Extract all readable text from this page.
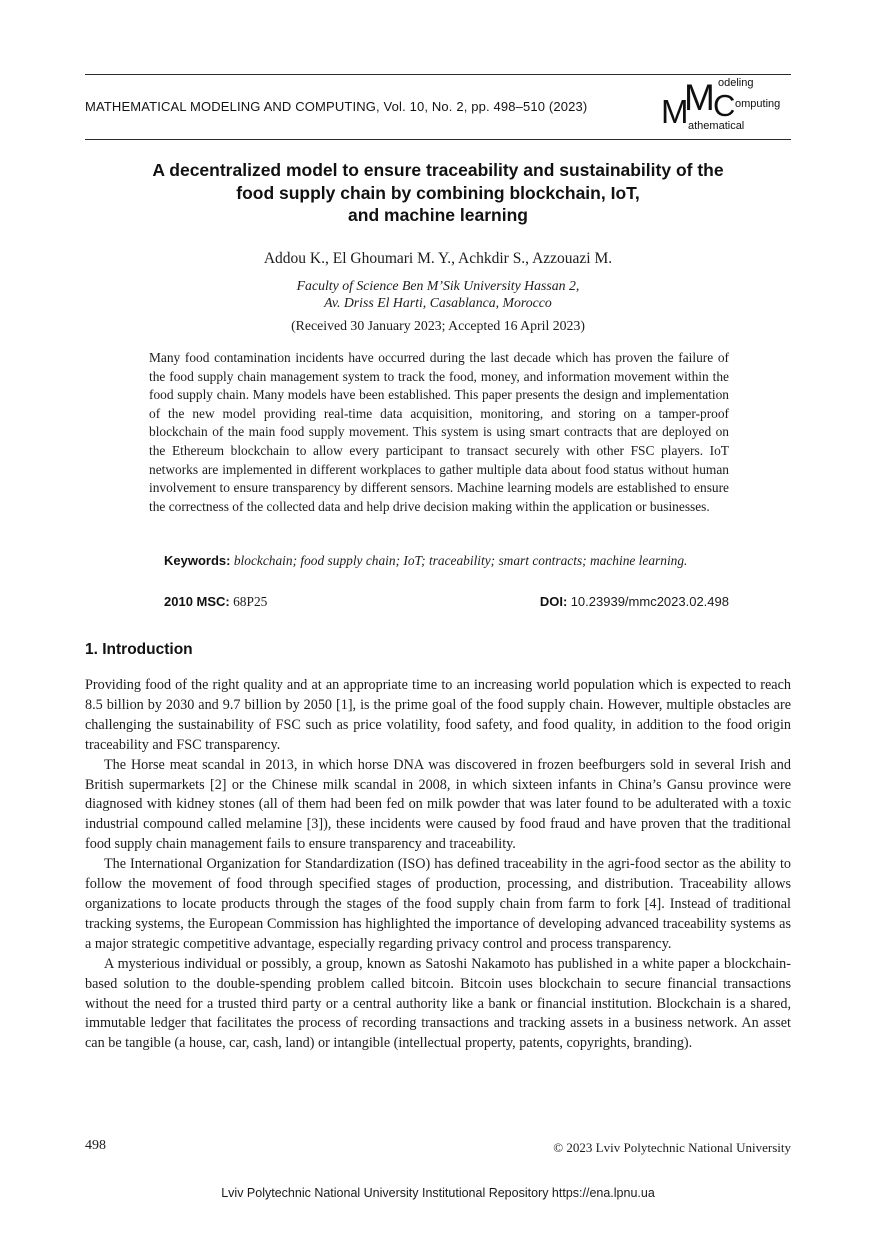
MATHEMATICAL MODELING AND COMPUTING, Vol. 10, No. 2, pp. 498–510 (2023) M
M
C
odeling
omputing
athematical
A decentralized model to ensure traceability and sustainability of the
food supply chain by combining blockchain, IoT,
and machine learning
Addou K., El Ghoumari M. Y., Achkdir S., Azzouazi M.
Faculty of Science Ben M’Sik University Hassan 2,
Av. Driss El Harti, Casablanca, Morocco
(Received 30 January 2023; Accepted 16 April 2023)
Many food contamination incidents have occurred during the last decade which has proven the failure of the food supply chain management system to track the food, money, and information movement within the food supply chain. Many models have been established. This paper presents the design and implementation of the new model providing real-time data acquisition, monitoring, and storing on a tamper-proof blockchain of the main food supply movement. This system is using smart contracts that are deployed on the Ethereum blockchain to allow every participant to transact securely with other FSC players. IoT networks are implemented in different workplaces to gather multiple data about food status without human involvement to ensure transparency by different sensors. Machine learning models are established to ensure the correctness of the collected data and help drive decision making within the application or businesses.
Keywords: blockchain; food supply chain; IoT; traceability; smart contracts; machine learning.
2010 MSC: 68P25	DOI: 10.23939/mmc2023.02.498
1. Introduction

Providing food of the right quality and at an appropriate time to an increasing world population which is expected to reach 8.5 billion by 2030 and 9.7 billion by 2050 [1], is the prime goal of the food supply chain. However, multiple obstacles are challenging the sustainability of FSC such as price volatility, food safety, and food quality, in addition to the food origin traceability and FSC transparency.

The Horse meat scandal in 2013, in which horse DNA was discovered in frozen beefburgers sold in several Irish and British supermarkets [2] or the Chinese milk scandal in 2008, in which sixteen infants in China’s Gansu province were diagnosed with kidney stones (all of them had been fed on milk powder that was later found to be adulterated with a toxic industrial compound called melamine [3]), these incidents were caused by food fraud and have proven that the traditional food supply chain management fails to ensure transparency and traceability.

The International Organization for Standardization (ISO) has defined traceability in the agri-food sector as the ability to follow the movement of food through specified stages of production, processing, and distribution. Traceability allows organizations to locate products through the stages of the food supply chain from farm to fork [4]. Instead of traditional tracking systems, the European Commission has highlighted the importance of developing advanced traceability systems as a major strategic competitive advantage, especially regarding privacy control and process transparency.

A mysterious individual or possibly, a group, known as Satoshi Nakamoto has published in a white paper a blockchain-based solution to the double-spending problem called bitcoin. Bitcoin uses blockchain to secure financial transactions without the need for a trusted third party or a central authority like a bank or financial institution. Blockchain is a shared, immutable ledger that facilitates the process of recording transactions and tracking assets in a business network. An asset can be tangible (a house, car, cash, land) or intangible (intellectual property, patents, copyrights, branding).

498	© 2023 Lviv Polytechnic National University
Lviv Polytechnic National University Institutional Repository https://ena.lpnu.ua
